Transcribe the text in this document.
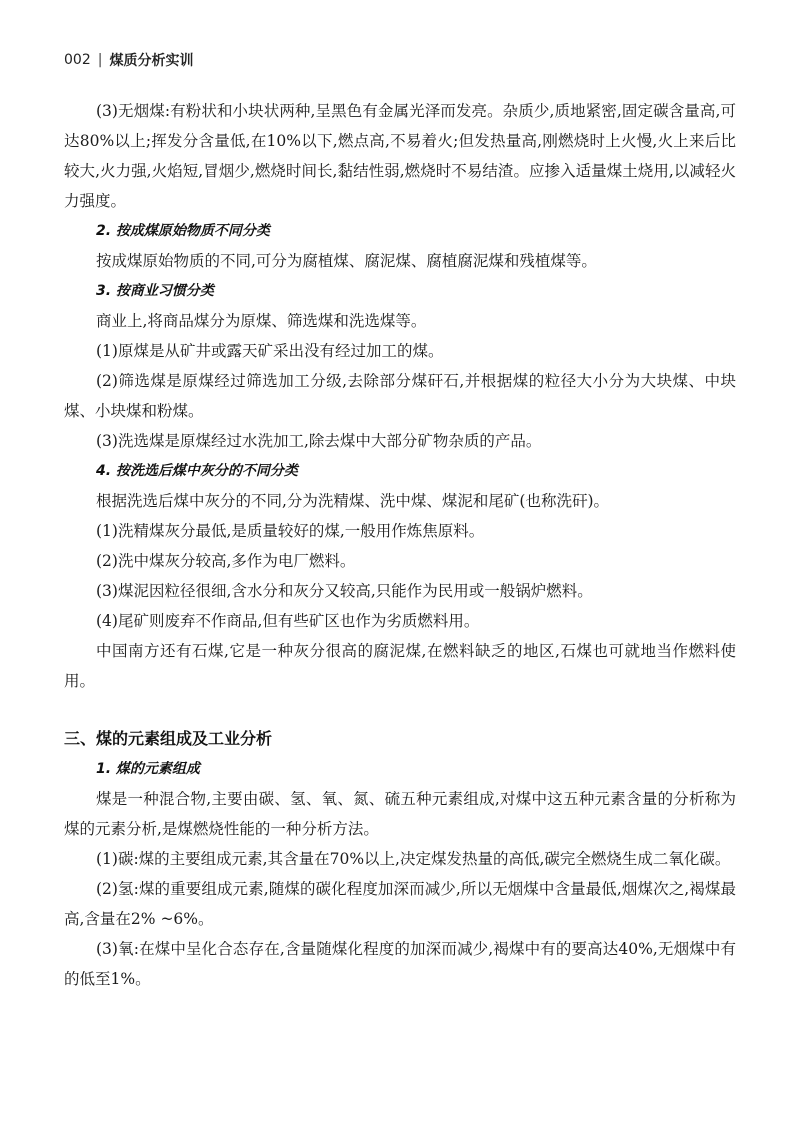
002 | 煤质分析实训

(3)无烟煤:有粉状和小块状两种,呈黑色有金属光泽而发亮。杂质少,质地紧密,固定碳含量高,可达80%以上;挥发分含量低,在10%以下,燃点高,不易着火;但发热量高,刚燃烧时上火慢,火上来后比较大,火力强,火焰短,冒烟少,燃烧时间长,黏结性弱,燃烧时不易结渣。应掺入适量煤土烧用,以减轻火力强度。

2. 按成煤原始物质不同分类

按成煤原始物质的不同,可分为腐植煤、腐泥煤、腐植腐泥煤和残植煤等。

3. 按商业习惯分类

商业上,将商品煤分为原煤、筛选煤和洗选煤等。

(1)原煤是从矿井或露天矿采出没有经过加工的煤。

(2)筛选煤是原煤经过筛选加工分级,去除部分煤矸石,并根据煤的粒径大小分为大块煤、中块煤、小块煤和粉煤。

(3)洗选煤是原煤经过水洗加工,除去煤中大部分矿物杂质的产品。

4. 按洗选后煤中灰分的不同分类

根据洗选后煤中灰分的不同,分为洗精煤、洗中煤、煤泥和尾矿(也称洗矸)。

(1)洗精煤灰分最低,是质量较好的煤,一般用作炼焦原料。

(2)洗中煤灰分较高,多作为电厂燃料。

(3)煤泥因粒径很细,含水分和灰分又较高,只能作为民用或一般锅炉燃料。

(4)尾矿则废弃不作商品,但有些矿区也作为劣质燃料用。

中国南方还有石煤,它是一种灰分很高的腐泥煤,在燃料缺乏的地区,石煤也可就地当作燃料使用。

三、煤的元素组成及工业分析
1. 煤的元素组成

煤是一种混合物,主要由碳、氢、氧、氮、硫五种元素组成,对煤中这五种元素含量的分析称为煤的元素分析,是煤燃烧性能的一种分析方法。

(1)碳:煤的主要组成元素,其含量在70%以上,决定煤发热量的高低,碳完全燃烧生成二氧化碳。

(2)氢:煤的重要组成元素,随煤的碳化程度加深而减少,所以无烟煤中含量最低,烟煤次之,褐煤最高,含量在2% ~6%。

(3)氧:在煤中呈化合态存在,含量随煤化程度的加深而减少,褐煤中有的要高达40%,无烟煤中有的低至1%。
